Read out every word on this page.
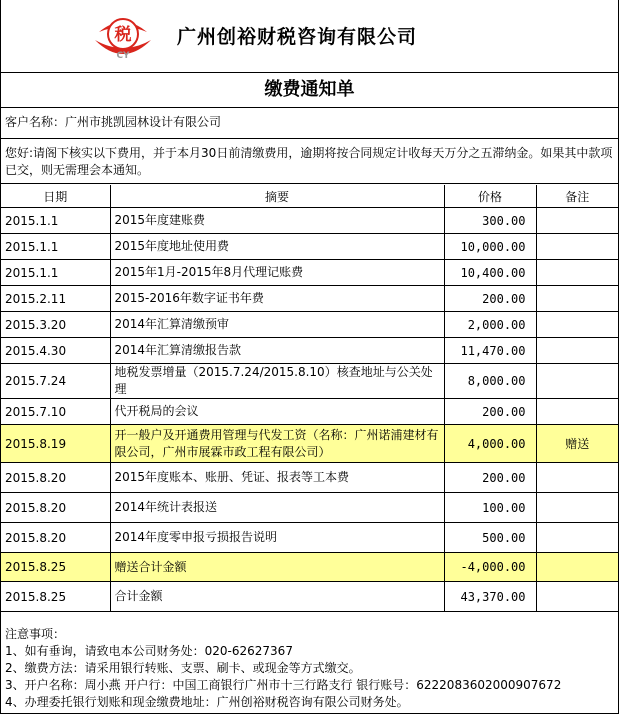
税
CY
广州创裕财税咨询有限公司
缴费通知单
客户名称：广州市挑凯园林设计有限公司
您好:请阁下核实以下费用，并于本月30日前清缴费用，逾期将按合同规定计收每天万分之五滞纳金。如果其中款项已交，则无需理会本通知。
日期	摘要	价格	备注
2015.1.1	2015年度建账费	300.00	
2015.1.1	2015年度地址使用费	10,000.00	
2015.1.1	2015年1月-2015年8月代理记账费	10,400.00	
2015.2.11	2015-2016年数字证书年费	200.00	
2015.3.20	2014年汇算清缴预审	2,000.00	
2015.4.30	2014年汇算清缴报告款	11,470.00	
2015.7.24	地税发票增量（2015.7.24/2015.8.10）核查地址与公关处理	8,000.00	
2015.7.10	代开税局的会议	200.00	
2015.8.19	开一般户及开通费用管理与代发工资（名称：广州诺浦建材有限公司，广州市展霖市政工程有限公司）	4,000.00	赠送
2015.8.20	2015年度账本、账册、凭证、报表等工本费	200.00	
2015.8.20	2014年统计表报送	100.00	
2015.8.20	2014年度零申报亏损报告说明	500.00	
2015.8.25	赠送合计金额	-4,000.00	
2015.8.25	合计金额	43,370.00	
注意事项：
1、如有垂询，请致电本公司财务处：020-62627367
2、缴费方法：请采用银行转账、支票、刷卡、或现金等方式缴交。
3、开户名称：周小燕 开户行：中国工商银行广州市十三行路支行 银行账号：6222083602000907672
4、办理委托银行划账和现金缴费地址：广州创裕财税咨询有限公司财务处。
